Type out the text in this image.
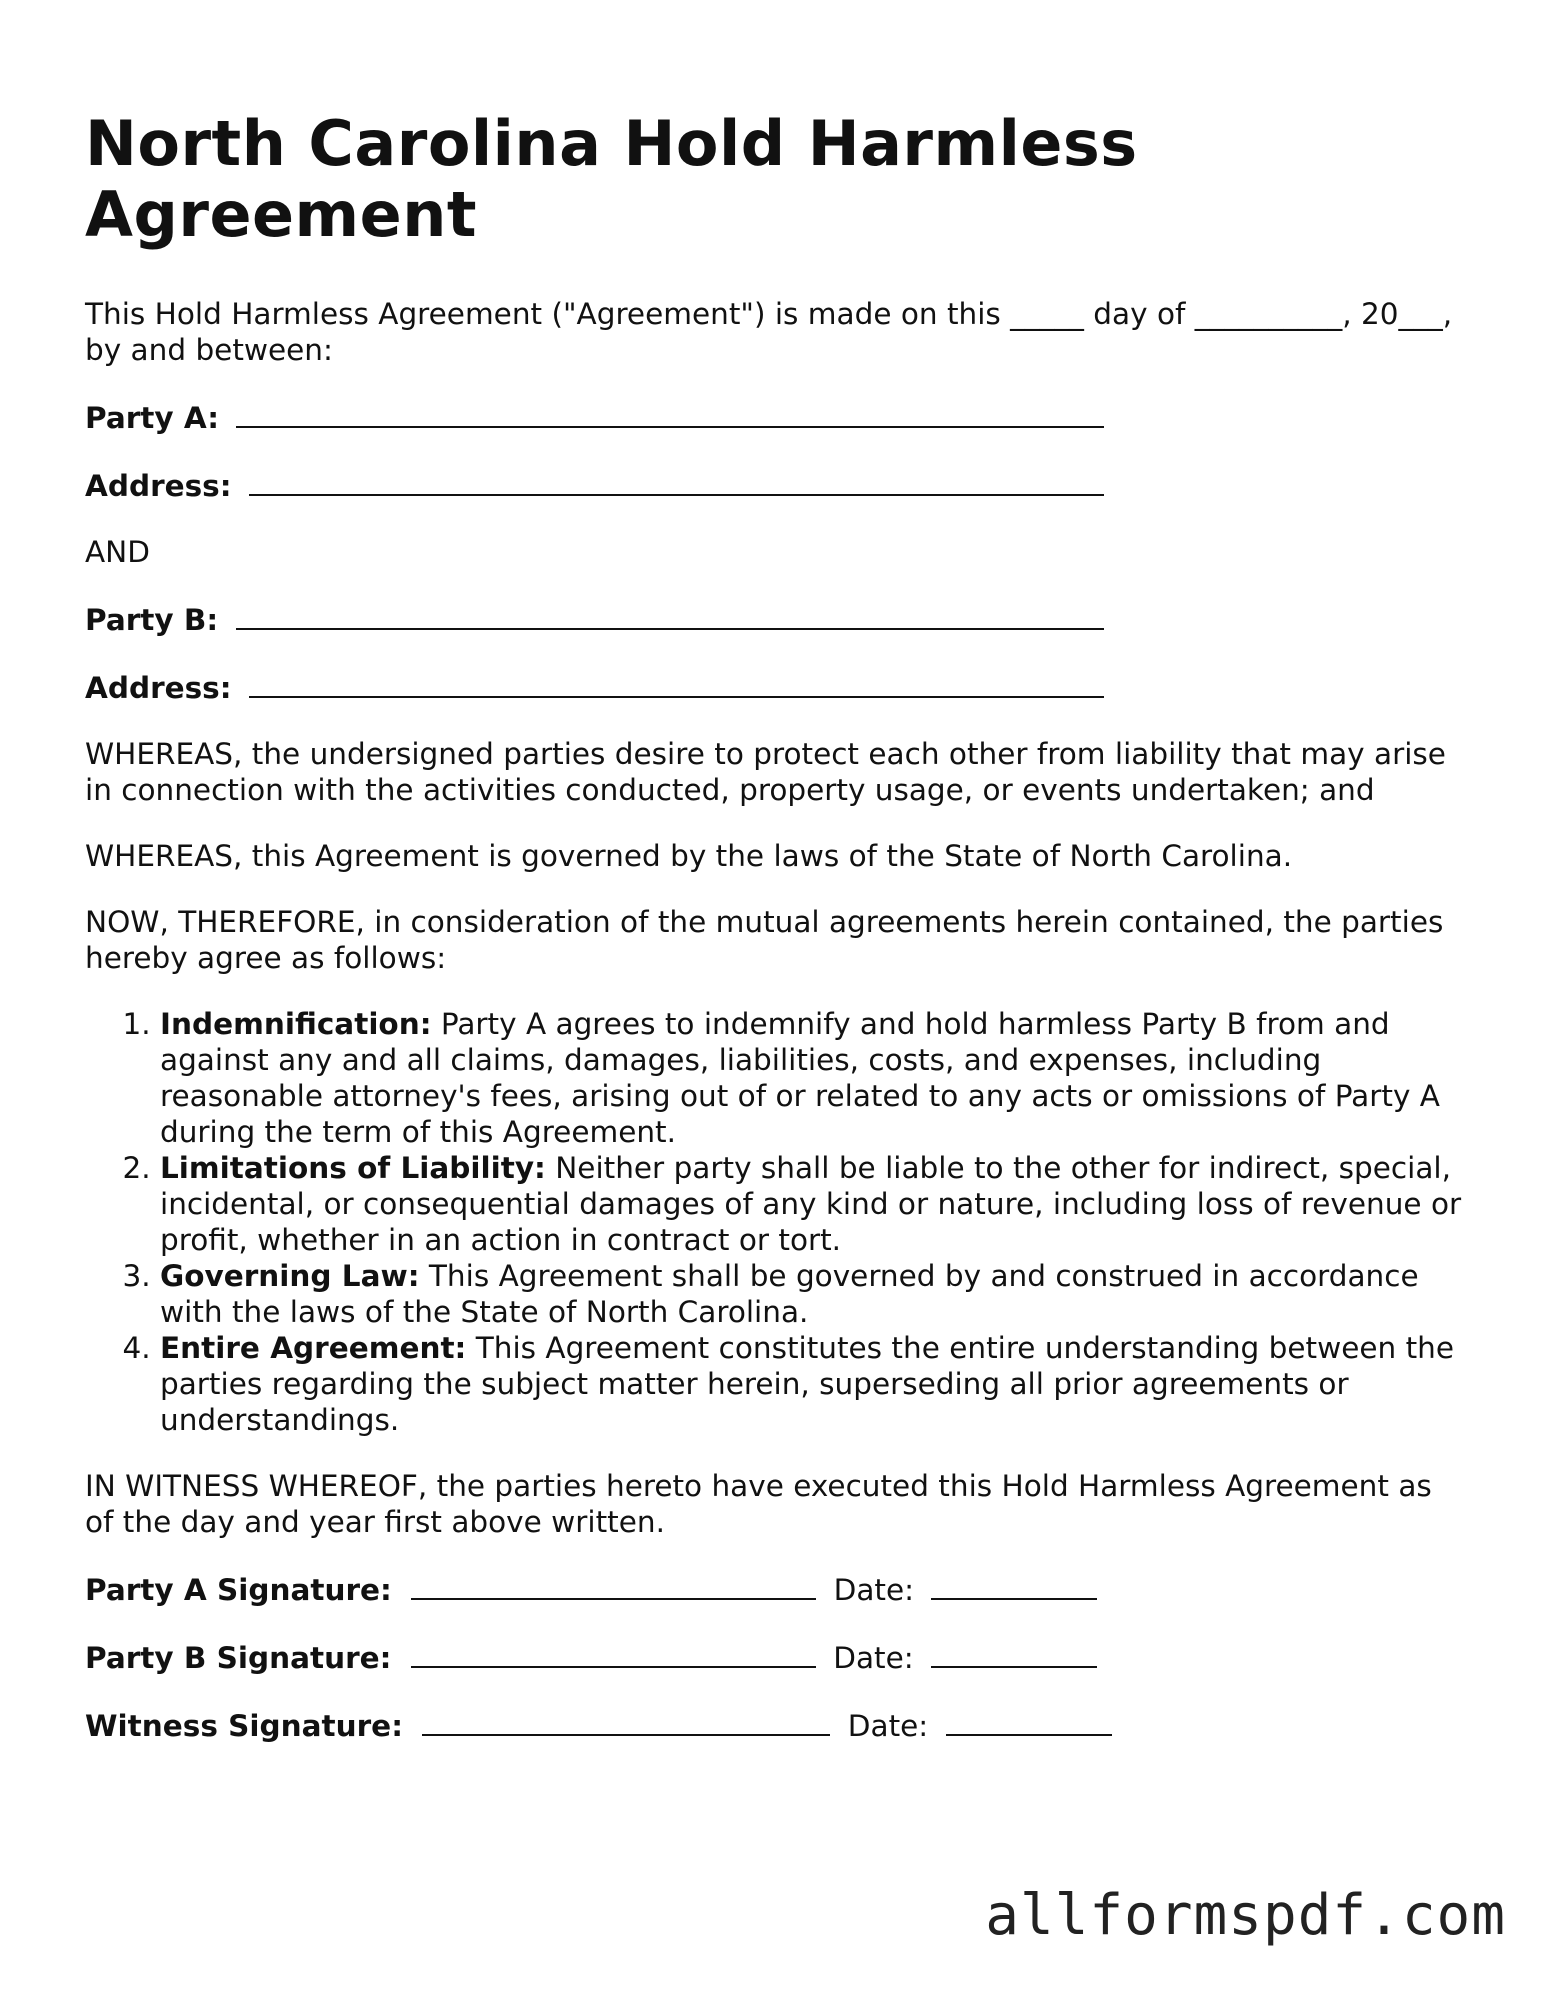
North Carolina Hold Harmless Agreement

This Hold Harmless Agreement ("Agreement") is made on this _____ day of __________, 20___, by and between:

Party A:
Address:

AND

Party B:
Address:

WHEREAS, the undersigned parties desire to protect each other from liability that may arise in connection with the activities conducted, property usage, or events undertaken; and

WHEREAS, this Agreement is governed by the laws of the State of North Carolina.

NOW, THEREFORE, in consideration of the mutual agreements herein contained, the parties hereby agree as follows:

1. Indemnification: Party A agrees to indemnify and hold harmless Party B from and against any and all claims, damages, liabilities, costs, and expenses, including reasonable attorney's fees, arising out of or related to any acts or omissions of Party A during the term of this Agreement.
2. Limitations of Liability: Neither party shall be liable to the other for indirect, special, incidental, or consequential damages of any kind or nature, including loss of revenue or profit, whether in an action in contract or tort.
3. Governing Law: This Agreement shall be governed by and construed in accordance with the laws of the State of North Carolina.
4. Entire Agreement: This Agreement constitutes the entire understanding between the parties regarding the subject matter herein, superseding all prior agreements or understandings.

IN WITNESS WHEREOF, the parties hereto have executed this Hold Harmless Agreement as of the day and year first above written.

Party A Signature:	Date:
Party B Signature:	Date:
Witness Signature:	Date:
allformspdf.com
